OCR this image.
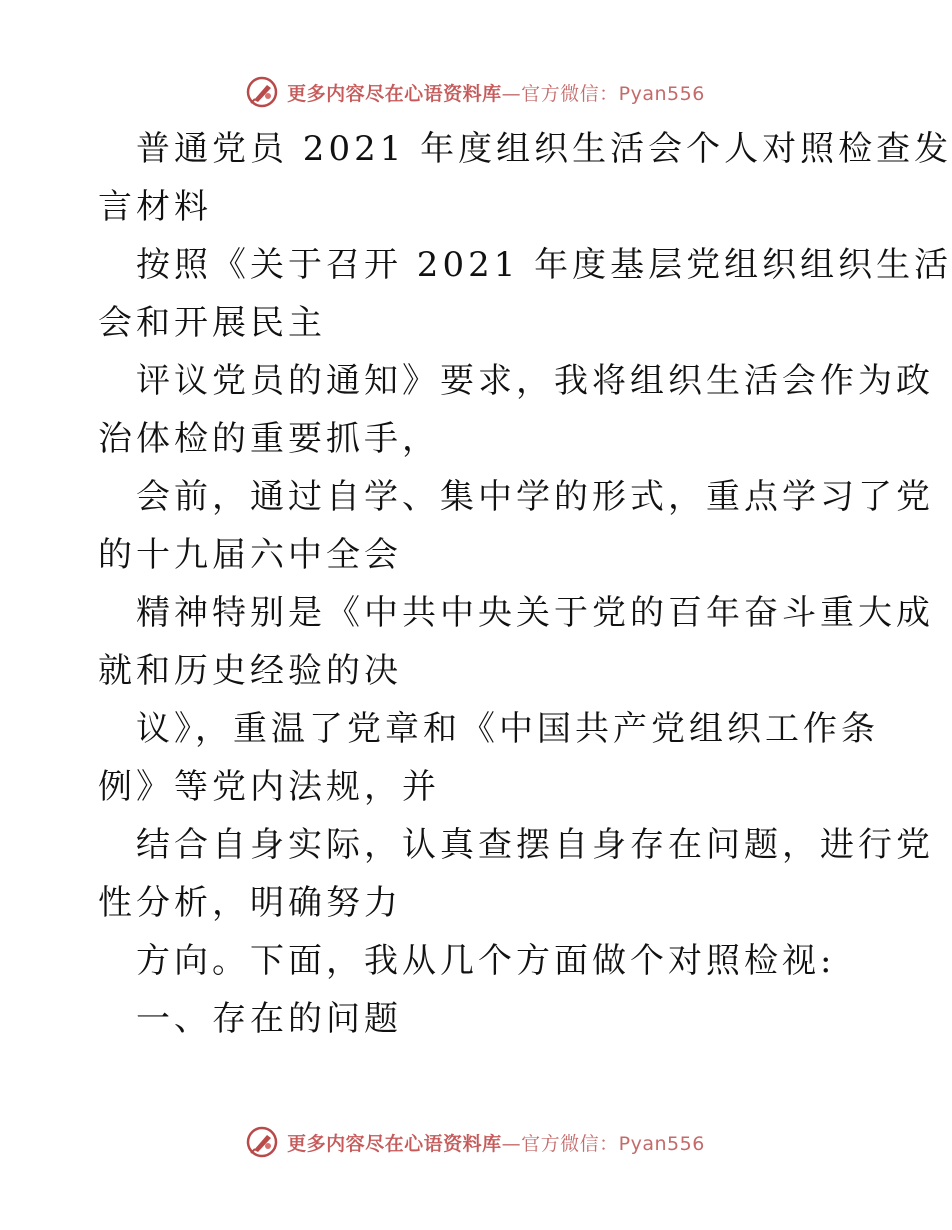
更多内容尽在心语资料库—官方微信：Pyan556
普通党员 2021 年度组织生活会个人对照检查发
言材料
按照《关于召开 2021 年度基层党组织组织生活
会和开展民主
评议党员的通知》要求，我将组织生活会作为政
治体检的重要抓手，
会前，通过自学、集中学的形式，重点学习了党
的十九届六中全会
精神特别是《中共中央关于党的百年奋斗重大成
就和历史经验的决
议》，重温了党章和《中国共产党组织工作条
例》等党内法规，并
结合自身实际，认真查摆自身存在问题，进行党
性分析，明确努力
方向。下面，我从几个方面做个对照检视:
一、存在的问题
更多内容尽在心语资料库—官方微信：Pyan556
